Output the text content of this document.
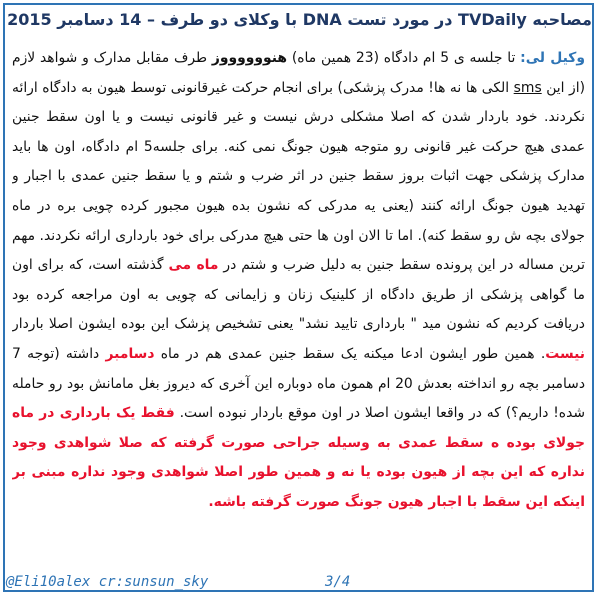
مصاحبه TVDaily در مورد تست DNA با وکلای دو طرف – 14 دسامبر 2015
وکیل لی: تا جلسه ی 5 ام دادگاه (23 همین ماه) هنووووووز طرف مقابل مدارک و شواهد لازم (از این sms الکی ها نه ها! مدرک پزشکی) برای انجام حرکت غیرقانونی توسط هیون به دادگاه ارائه نکردند. خود باردار شدن که اصلا مشکلی درش نیست و غیر قانونی نیست و یا اون سقط جنین عمدی هیچ حرکت غیر قانونی رو متوجه هیون جونگ نمی کنه. برای جلسه5 ام دادگاه، اون ها باید مدارک پزشکی جهت اثبات بروز سقط جنین در اثر ضرب و شتم و یا سقط جنین عمدی با اجبار و تهدید هیون جونگ ارائه کنند (یعنی یه مدرکی که نشون بده هیون مجبور کرده چویی بره در ماه جولای بچه ش رو سقط کنه). اما تا الان اون ها حتی هیچ مدرکی برای خود بارداری ارائه نکردند. مهم ترین مساله در این پرونده سقط جنین به دلیل ضرب و شتم در ماه می گذشته است، که برای اون ما گواهی پزشکی از طریق دادگاه از کلینیک زنان و زایمانی که چویی به اون مراجعه کرده بود دریافت کردیم که نشون مید " بارداری تایید نشد" یعنی تشخیص پزشک این بوده ایشون اصلا باردار نیست. همین طور ایشون ادعا میکنه یک سقط جنین عمدی هم در ماه دسامبر داشته (توجه 7 دسامبر بچه رو انداخته بعدش 20 ام همون ماه دوباره این آخری که دیروز بغل مامانش بود رو حامله شده! داریم؟) که در واقعا ایشون اصلا در اون موقع باردار نبوده است. فقط یک بارداری در ماه جولای بوده ه سقط عمدی به وسیله جراحی صورت گرفته که صلا شواهدی وجود نداره که این بچه از هیون بوده یا نه و همین طور اصلا شواهدی وجود نداره مبنی بر اینکه این سقط با اجبار هیون جونگ صورت گرفته باشه.
@Eli10alex cr:sunsun_sky	3/4
